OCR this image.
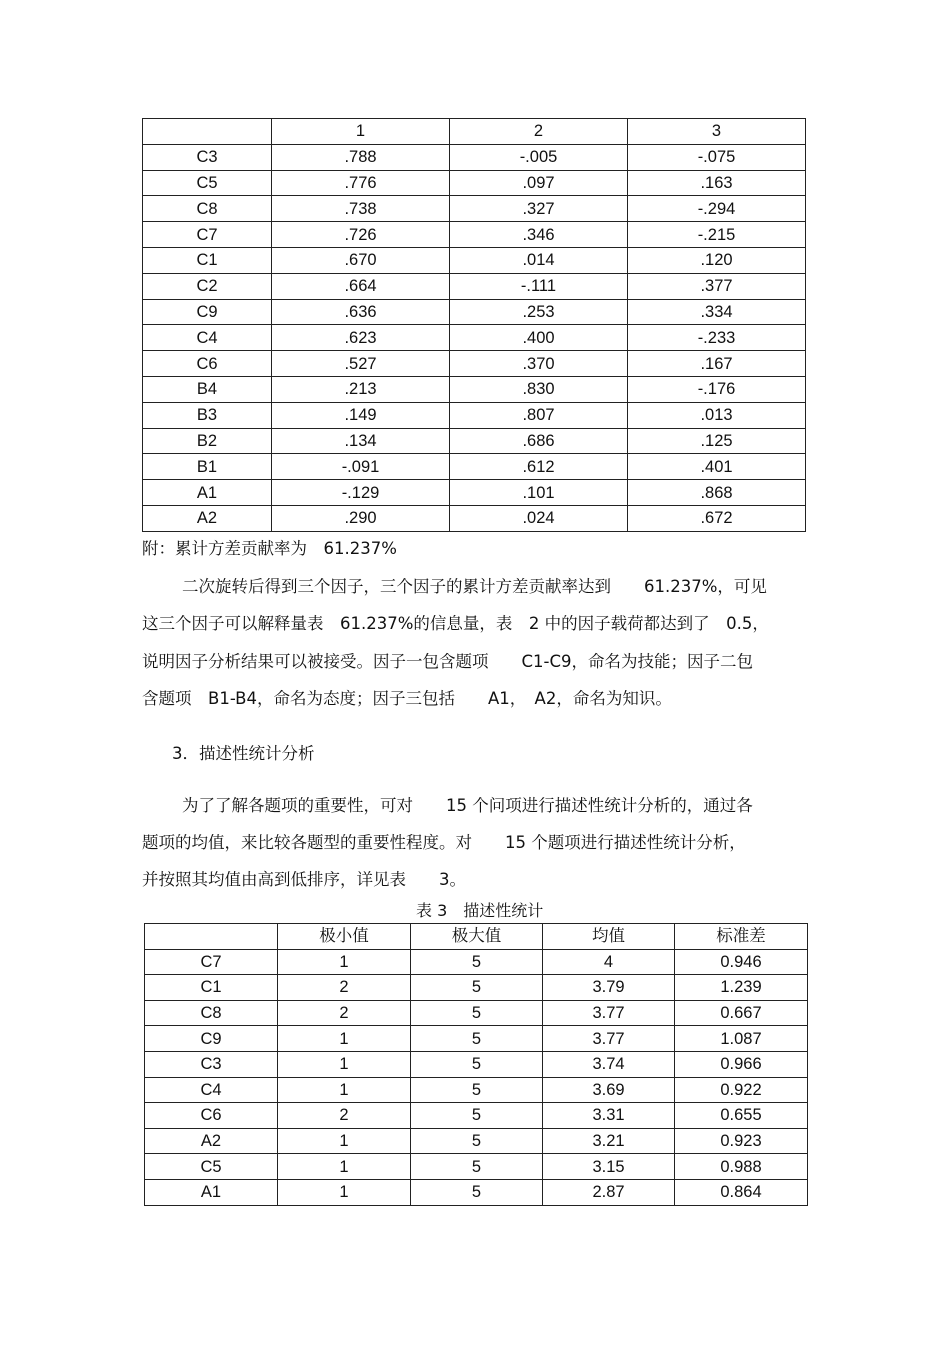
	1	2	3
C3	.788	-.005	-.075
C5	.776	.097	.163
C8	.738	.327	-.294
C7	.726	.346	-.215
C1	.670	.014	.120
C2	.664	-.111	.377
C9	.636	.253	.334
C4	.623	.400	-.233
C6	.527	.370	.167
B4	.213	.830	-.176
B3	.149	.807	.013
B2	.134	.686	.125
B1	-.091	.612	.401
A1	-.129	.101	.868
A2	.290	.024	.672
附：累计方差贡献率为　61.237%
二次旋转后得到三个因子，三个因子的累计方差贡献率达到　　61.237%，可见
这三个因子可以解释量表　61.237%的信息量，表　2 中的因子载荷都达到了　0.5，
说明因子分析结果可以被接受。因子一包含题项　　C1-C9，命名为技能；因子二包
含题项　B1-B4，命名为态度；因子三包括　　A1，　A2，命名为知识。
3．描述性统计分析
为了了解各题项的重要性，可对　　15 个问项进行描述性统计分析的，通过各
题项的均值，来比较各题型的重要性程度。对　　15 个题项进行描述性统计分析，
并按照其均值由高到低排序，详见表　　3。
表 3　描述性统计
	极小值	极大值	均值	标准差
C7	1	5	4	0.946
C1	2	5	3.79	1.239
C8	2	5	3.77	0.667
C9	1	5	3.77	1.087
C3	1	5	3.74	0.966
C4	1	5	3.69	0.922
C6	2	5	3.31	0.655
A2	1	5	3.21	0.923
C5	1	5	3.15	0.988
A1	1	5	2.87	0.864
